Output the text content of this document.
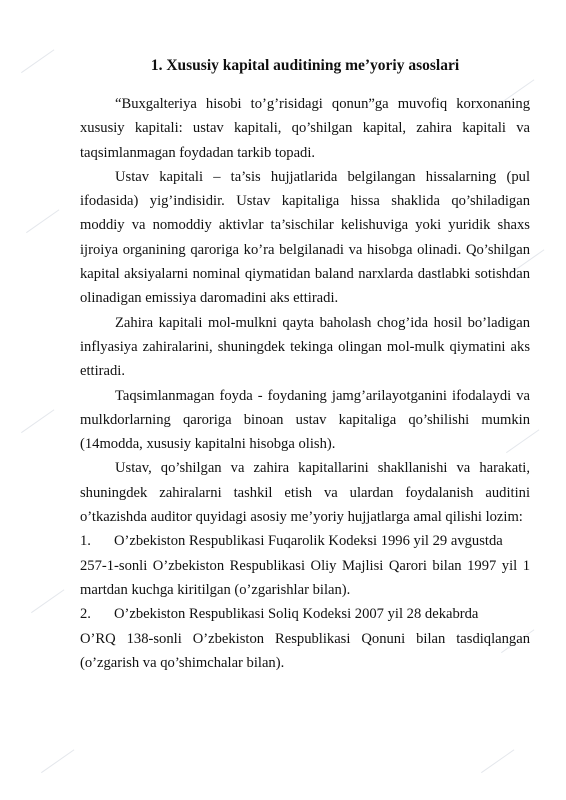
1. Xususiy kapital auditining me’yoriy asoslari

“Buxgalteriya hisobi to’g’risidagi qonun”ga muvofiq korxonaning xususiy kapitali: ustav kapitali, qo’shilgan kapital, zahira kapitali va taqsimlanmagan foydadan tarkib topadi.

Ustav kapitali – ta’sis hujjatlarida belgilangan hissalarning (pul ifodasida) yig’indisidir. Ustav kapitaliga hissa shaklida qo’shiladigan moddiy va nomoddiy aktivlar ta’sischilar kelishuviga yoki yuridik shaxs ijroiya organining qaroriga ko’ra belgilanadi va hisobga olinadi. Qo’shilgan kapital aksiyalarni nominal qiymatidan baland narxlarda dastlabki sotishdan olinadigan emissiya daromadini aks ettiradi.

Zahira kapitali mol-mulkni qayta baholash chog’ida hosil bo’ladigan inflyasiya zahiralarini, shuningdek tekinga olingan mol-mulk qiymatini aks ettiradi.

Taqsimlanmagan foyda - foydaning jamg’arilayotganini ifodalaydi va mulkdorlarning qaroriga binoan ustav kapitaliga qo’shilishi mumkin (14modda, xususiy kapitalni hisobga olish).

Ustav, qo’shilgan va zahira kapitallarini shakllanishi va harakati, shuningdek zahiralarni tashkil etish va ulardan foydalanish auditini o’tkazishda auditor quyidagi asosiy me’yoriy hujjatlarga amal qilishi lozim:

1.	O’zbekiston Respublikasi Fuqarolik Kodeksi 1996 yil 29 avgustda

257-1-sonli O’zbekiston Respublikasi Oliy Majlisi Qarori bilan 1997 yil 1 martdan kuchga kiritilgan (o’zgarishlar bilan).

2.	O’zbekiston Respublikasi Soliq Kodeksi 2007 yil 28 dekabrda

O’RQ 138-sonli O’zbekiston Respublikasi Qonuni bilan tasdiqlangan (o’zgarish va qo’shimchalar bilan).
